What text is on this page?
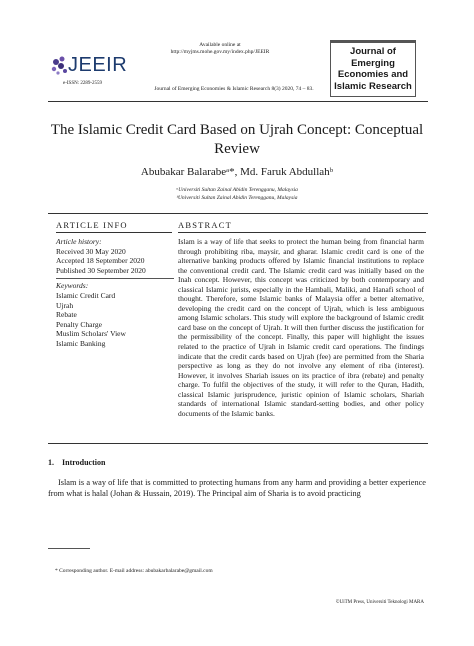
Available online at
http://myjms.mohe.gov.my/index.php/JEEIR
JEEIR
e-ISSN: 2289-2559
Journal of Emerging Economies & Islamic Research 8(3) 2020, 74 – 83.
Journal of
Emerging
Economies and
Islamic Research
The Islamic Credit Card Based on Ujrah Concept: Conceptual Review
Abubakar Balarabeᵃ*, Md. Faruk Abdullahᵇ
ᵃUniversiti Sultan Zainal Abidin Terengganu, Malaysia
ᵇUniversiti Sultan Zainal Abidin Terengganu, Malaysia
ARTICLE INFO
Article history:
Received 30 May 2020
Accepted 18 September 2020
Published 30 September 2020
Keywords:
Islamic Credit Card
Ujrah
Rebate
Penalty Charge
Muslim Scholars' View
Islamic Banking
ABSTRACT
Islam is a way of life that seeks to protect the human being from financial harm through prohibiting riba, maysir, and gharar. Islamic credit card is one of the alternative banking products offered by Islamic financial institutions to replace the conventional credit card. The Islamic credit card was initially based on the Inah concept. However, this concept was criticized by both contemporary and classical Islamic jurists, especially in the Hambali, Maliki, and Hanafi school of thought. Therefore, some Islamic banks of Malaysia offer a better alternative, developing the credit card on the concept of Ujrah, which is less ambiguous among Islamic scholars. This study will explore the background of Islamic credit card base on the concept of Ujrah. It will then further discuss the justification for the permissibility of the concept. Finally, this paper will highlight the issues related to the practice of Ujrah in Islamic credit card operations. The findings indicate that the credit cards based on Ujrah (fee) are permitted from the Sharia perspective as long as they do not involve any element of riba (interest). However, it involves Shariah issues on its practice of ibra (rebate) and penalty charge. To fulfil the objectives of the study, it will refer to the Quran, Hadith, classical Islamic jurisprudence, juristic opinion of Islamic scholars, Shariah standards of international Islamic standard-setting bodies, and other policy documents of the Islamic banks.
1. Introduction
Islam is a way of life that is committed to protecting humans from any harm and providing a better experience from what is halal (Johan & Hussain, 2019). The Principal aim of Sharia is to avoid practicing
* Corresponding author. E-mail address: abubakarbalarabe@gmail.com
©UiTM Press, Universiti Teknologi MARA
